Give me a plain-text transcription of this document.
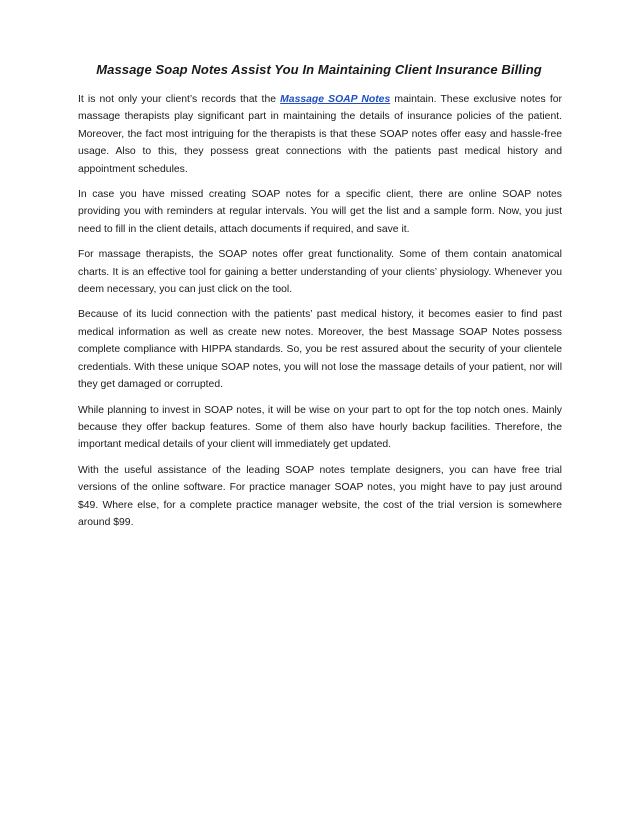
Massage Soap Notes Assist You In Maintaining Client Insurance Billing

It is not only your client’s records that the Massage SOAP Notes maintain. These exclusive notes for massage therapists play significant part in maintaining the details of insurance policies of the patient. Moreover, the fact most intriguing for the therapists is that these SOAP notes offer easy and hassle-free usage. Also to this, they possess great connections with the patients past medical history and appointment schedules.

In case you have missed creating SOAP notes for a specific client, there are online SOAP notes providing you with reminders at regular intervals. You will get the list and a sample form. Now, you just need to fill in the client details, attach documents if required, and save it.

For massage therapists, the SOAP notes offer great functionality. Some of them contain anatomical charts. It is an effective tool for gaining a better understanding of your clients’ physiology. Whenever you deem necessary, you can just click on the tool.

Because of its lucid connection with the patients’ past medical history, it becomes easier to find past medical information as well as create new notes. Moreover, the best Massage SOAP Notes possess complete compliance with HIPPA standards. So, you be rest assured about the security of your clientele credentials. With these unique SOAP notes, you will not lose the massage details of your patient, nor will they get damaged or corrupted.

While planning to invest in SOAP notes, it will be wise on your part to opt for the top notch ones. Mainly because they offer backup features. Some of them also have hourly backup facilities. Therefore, the important medical details of your client will immediately get updated.

With the useful assistance of the leading SOAP notes template designers, you can have free trial versions of the online software. For practice manager SOAP notes, you might have to pay just around $49. Where else, for a complete practice manager website, the cost of the trial version is somewhere around $99.
